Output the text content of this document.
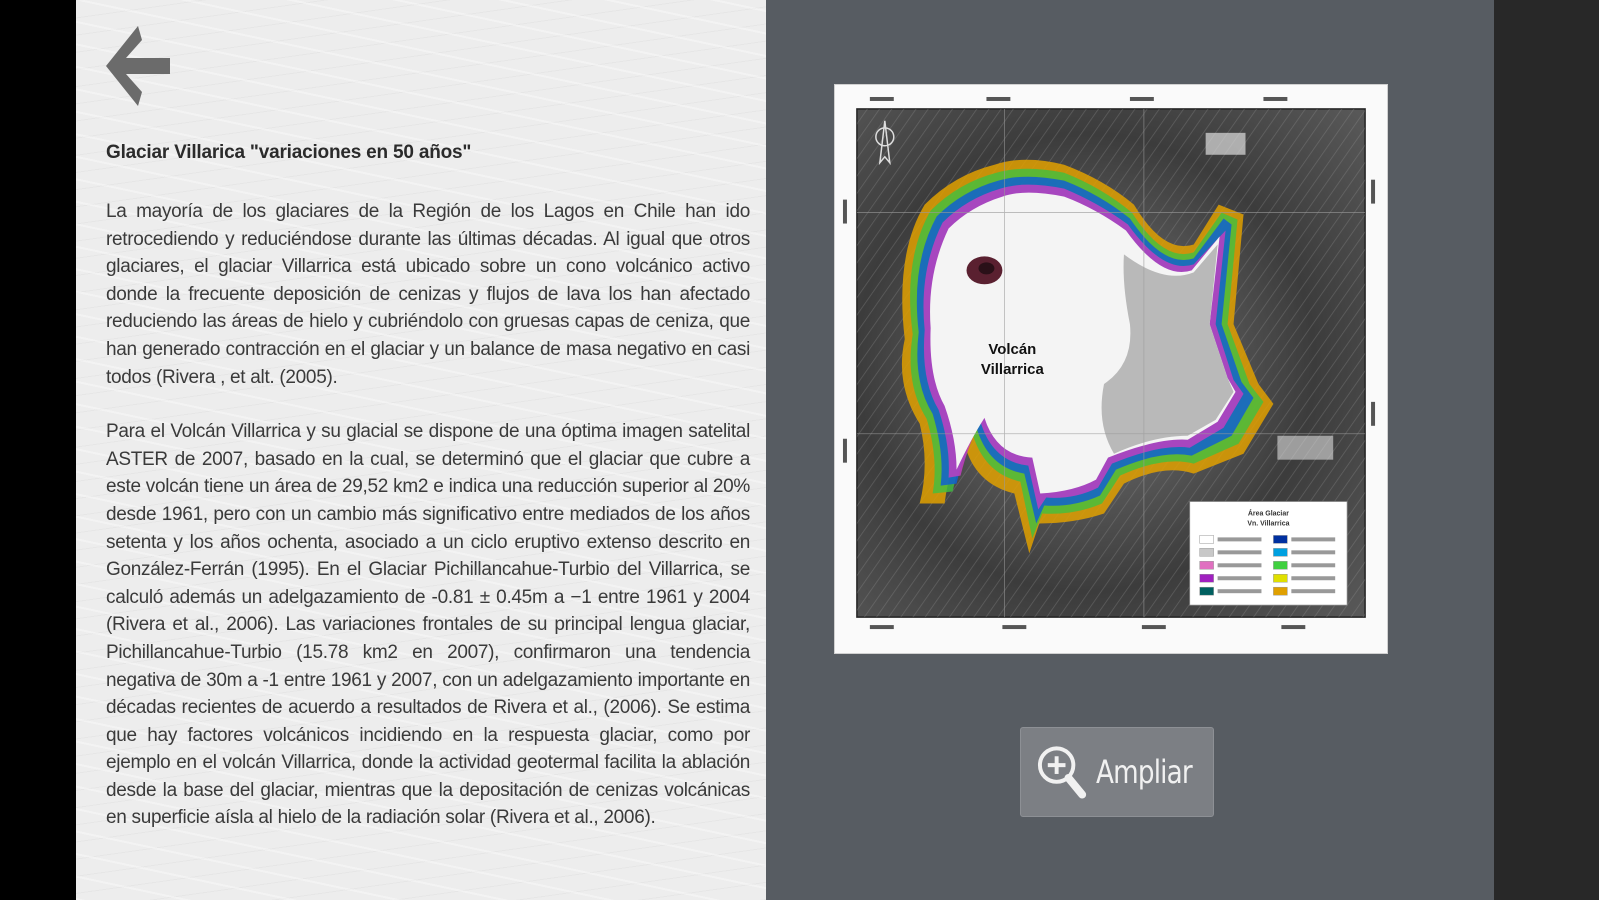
Glaciar Villarica "variaciones en 50 años"

La mayoría de los glaciares de la Región de los Lagos en Chile han ido retrocediendo y reduciéndose durante las últimas décadas. Al igual que otros glaciares, el glaciar Villarrica está ubicado sobre un cono volcánico activo donde la frecuente deposición de cenizas y flujos de lava los han afectado reduciendo las áreas de hielo y cubriéndolo con gruesas capas de ceniza, que han generado contracción en el glaciar y un balance de masa negativo en casi todos (Rivera , et alt. (2005).

Para el Volcán Villarrica y su glacial se dispone de una óptima imagen satelital ASTER de 2007, basado en la cual, se determinó que el glaciar que cubre a este volcán tiene un área de 29,52 km2 e indica una reducción superior al 20% desde 1961, pero con un cambio más significativo entre mediados de los años setenta y los años ochenta, asociado a un ciclo eruptivo extenso descrito en González-Ferrán (1995). En el Glaciar Pichillancahue-Turbio del Villarrica, se calculó además un adelgazamiento de -0.81 ± 0.45m a −1 entre 1961 y 2004 (Rivera et al., 2006). Las variaciones frontales de su principal lengua glaciar, Pichillancahue-Turbio (15.78 km2 en 2007), confirmaron una tendencia negativa de 30m a -1 entre 1961 y 2007, con un adelgazamiento importante en décadas recientes de acuerdo a resultados de Rivera et al., (2006). Se estima que hay factores volcánicos incidiendo en la respuesta glaciar, como por ejemplo en el volcán Villarrica, donde la actividad geotermal facilita la ablación desde la base del glaciar, mientras que la depositación de cenizas volcánicas en superficie aísla al hielo de la radiación solar (Rivera et al., 2006).

Volcán
Villarrica
Área Glaciar
Vn. Villarrica
Ampliar
